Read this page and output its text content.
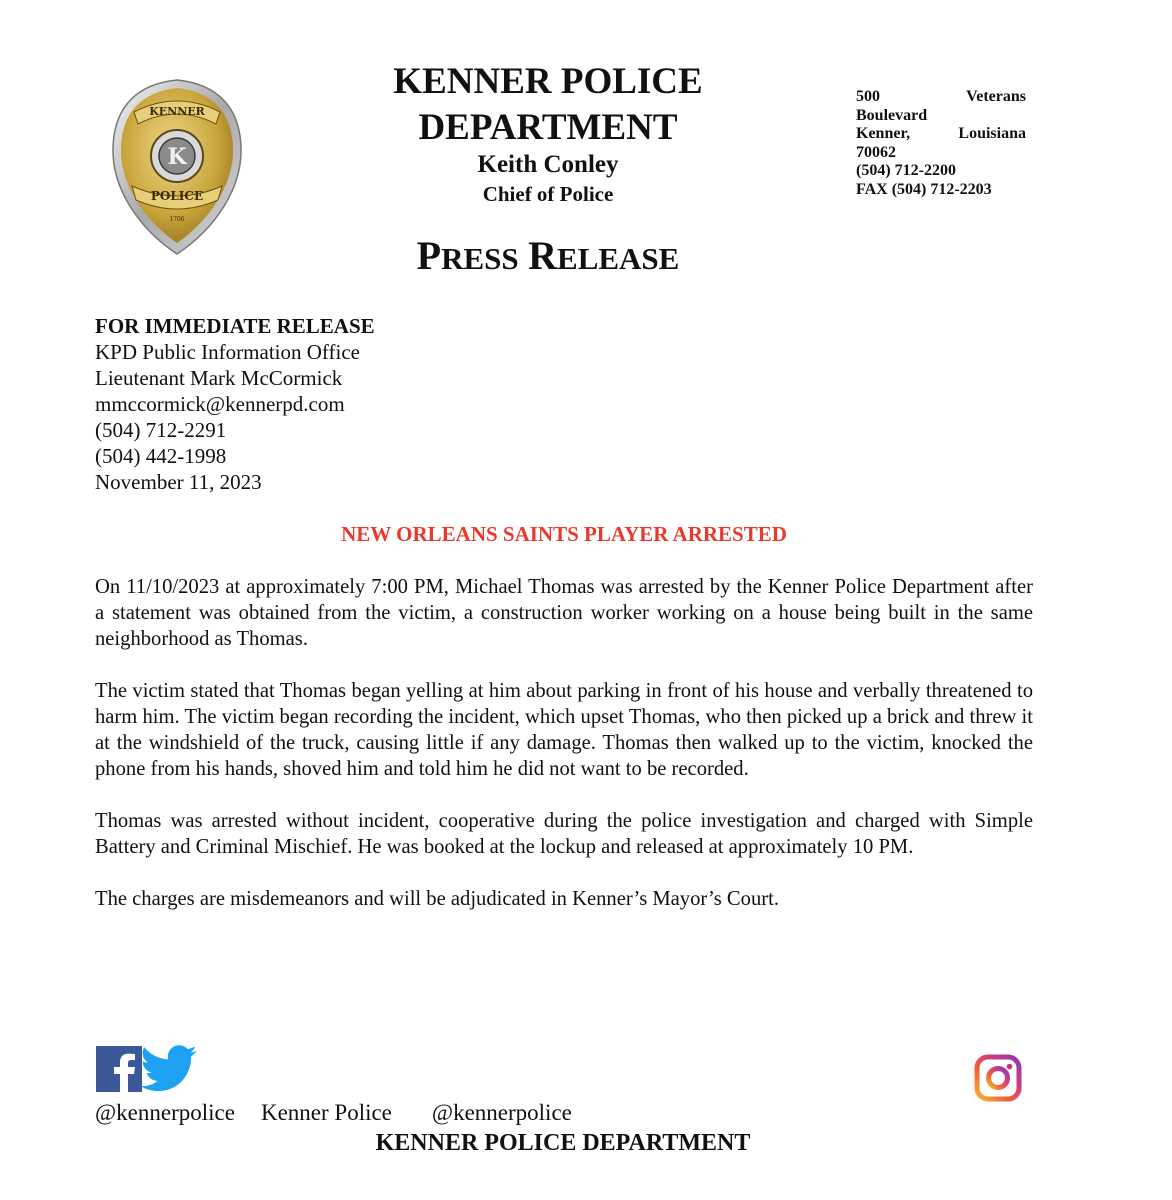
KENNER
K
POLICE
1706
KENNER POLICE
DEPARTMENT
Keith Conley
Chief of Police
PRESS RELEASE
500	Veterans
Boulevard
Kenner,	Louisiana
70062
(504) 712-2200
FAX (504) 712-2203
FOR IMMEDIATE RELEASE
KPD Public Information Office
Lieutenant Mark McCormick
mmccormick@kennerpd.com
(504) 712-2291
(504) 442-1998
November 11, 2023
NEW ORLEANS SAINTS PLAYER ARRESTED

On 11/10/2023 at approximately 7:00 PM, Michael Thomas was arrested by the Kenner Police Department after a statement was obtained from the victim, a construction worker working on a house being built in the same neighborhood as Thomas.

The victim stated that Thomas began yelling at him about parking in front of his house and verbally threatened to harm him. The victim began recording the incident, which upset Thomas, who then picked up a brick and threw it at the windshield of the truck, causing little if any damage. Thomas then walked up to the victim, knocked the phone from his hands, shoved him and told him he did not want to be recorded.

Thomas was arrested without incident, cooperative during the police investigation and charged with Simple Battery and Criminal Mischief. He was booked at the lockup and released at approximately 10 PM.

The charges are misdemeanors and will be adjudicated in Kenner’s Mayor’s Court.

@kennerpolice Kenner Police @kennerpolice
KENNER POLICE DEPARTMENT
